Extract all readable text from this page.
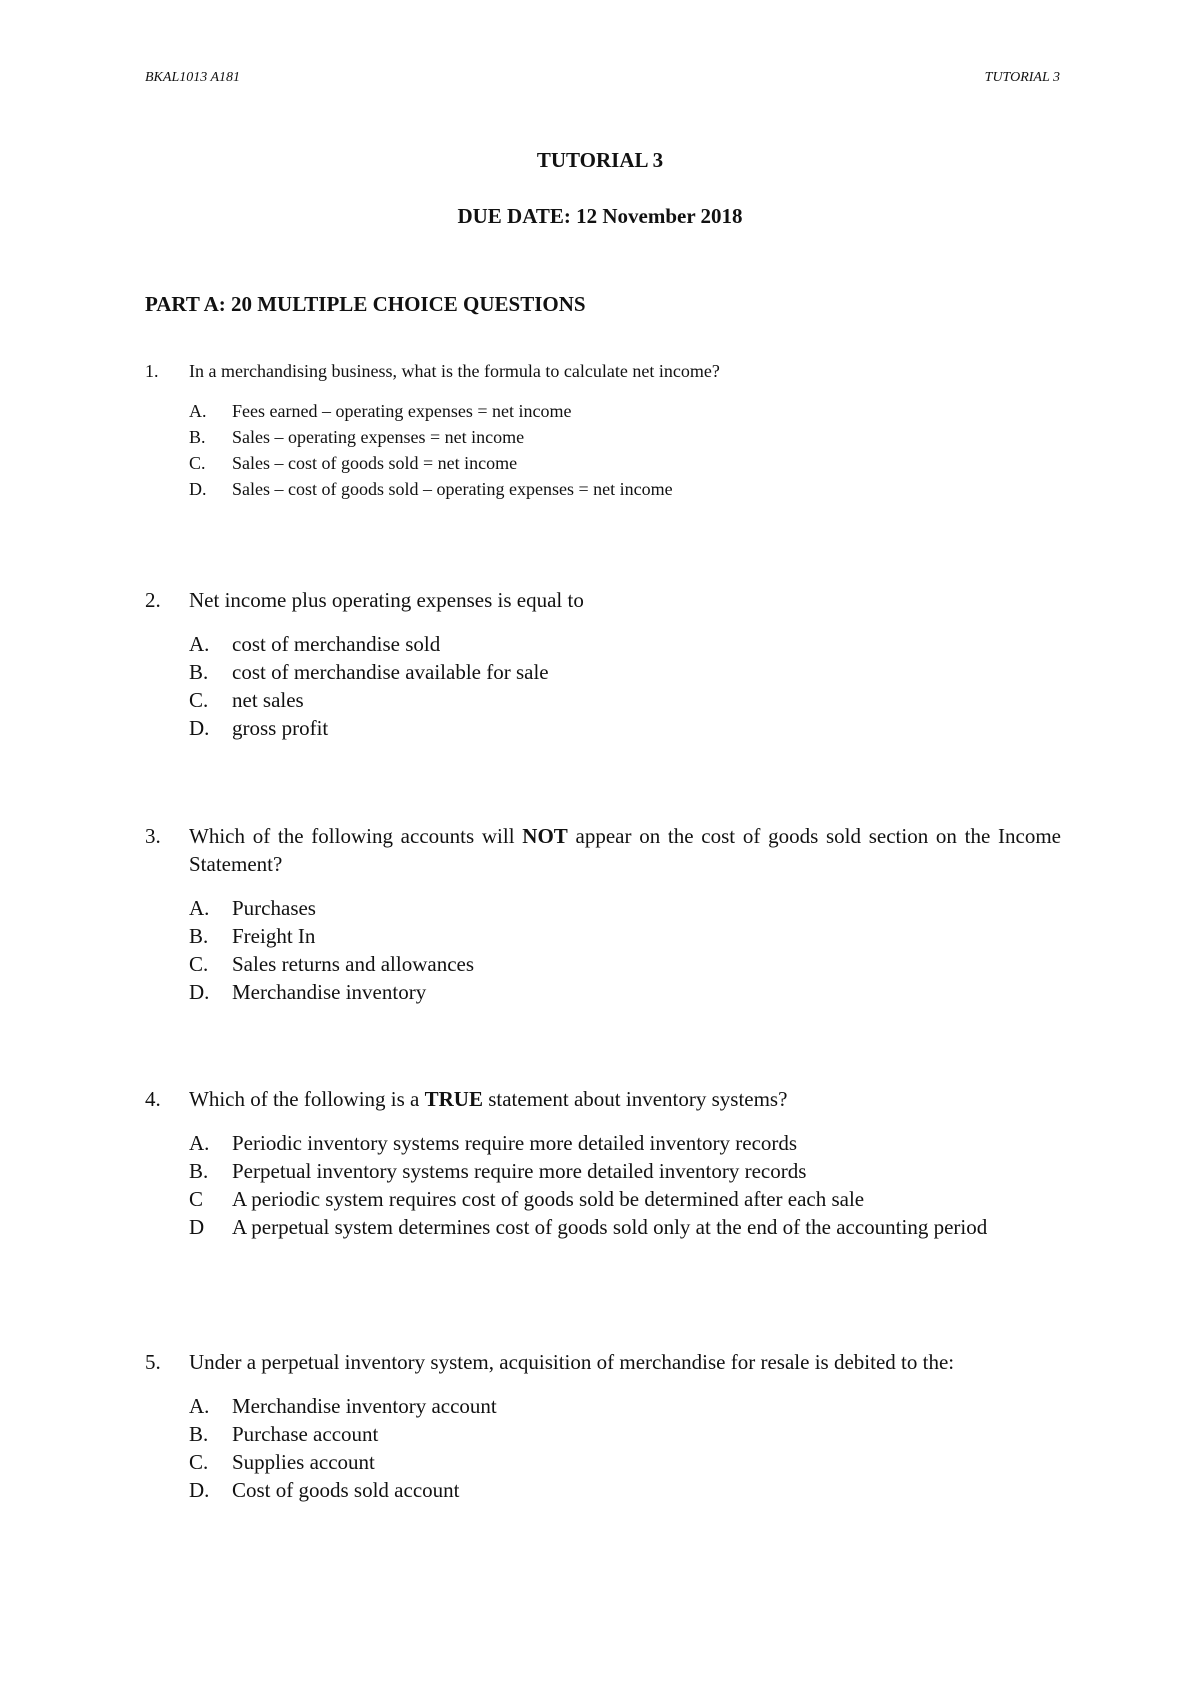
BKAL1013 A181	TUTORIAL 3
TUTORIAL 3
DUE DATE: 12 November 2018
PART A: 20 MULTIPLE CHOICE QUESTIONS
1.	In a merchandising business, what is the formula to calculate net income?
A.	Fees earned – operating expenses = net income
B.	Sales – operating expenses = net income
C.	Sales – cost of goods sold = net income
D.	Sales – cost of goods sold – operating expenses = net income
2.	Net income plus operating expenses is equal to
A.	cost of merchandise sold
B.	cost of merchandise available for sale
C.	net sales
D.	gross profit
3.	Which of the following accounts will NOT appear on the cost of goods sold section on the Income Statement?
A.	Purchases
B.	Freight In
C.	Sales returns and allowances
D.	Merchandise inventory
4.	Which of the following is a TRUE statement about inventory systems?
A.	Periodic inventory systems require more detailed inventory records
B.	Perpetual inventory systems require more detailed inventory records
C	A periodic system requires cost of goods sold be determined after each sale
D	A perpetual system determines cost of goods sold only at the end of the accounting period
5.	Under a perpetual inventory system, acquisition of merchandise for resale is debited to the:
A.	Merchandise inventory account
B.	Purchase account
C.	Supplies account
D.	Cost of goods sold account
